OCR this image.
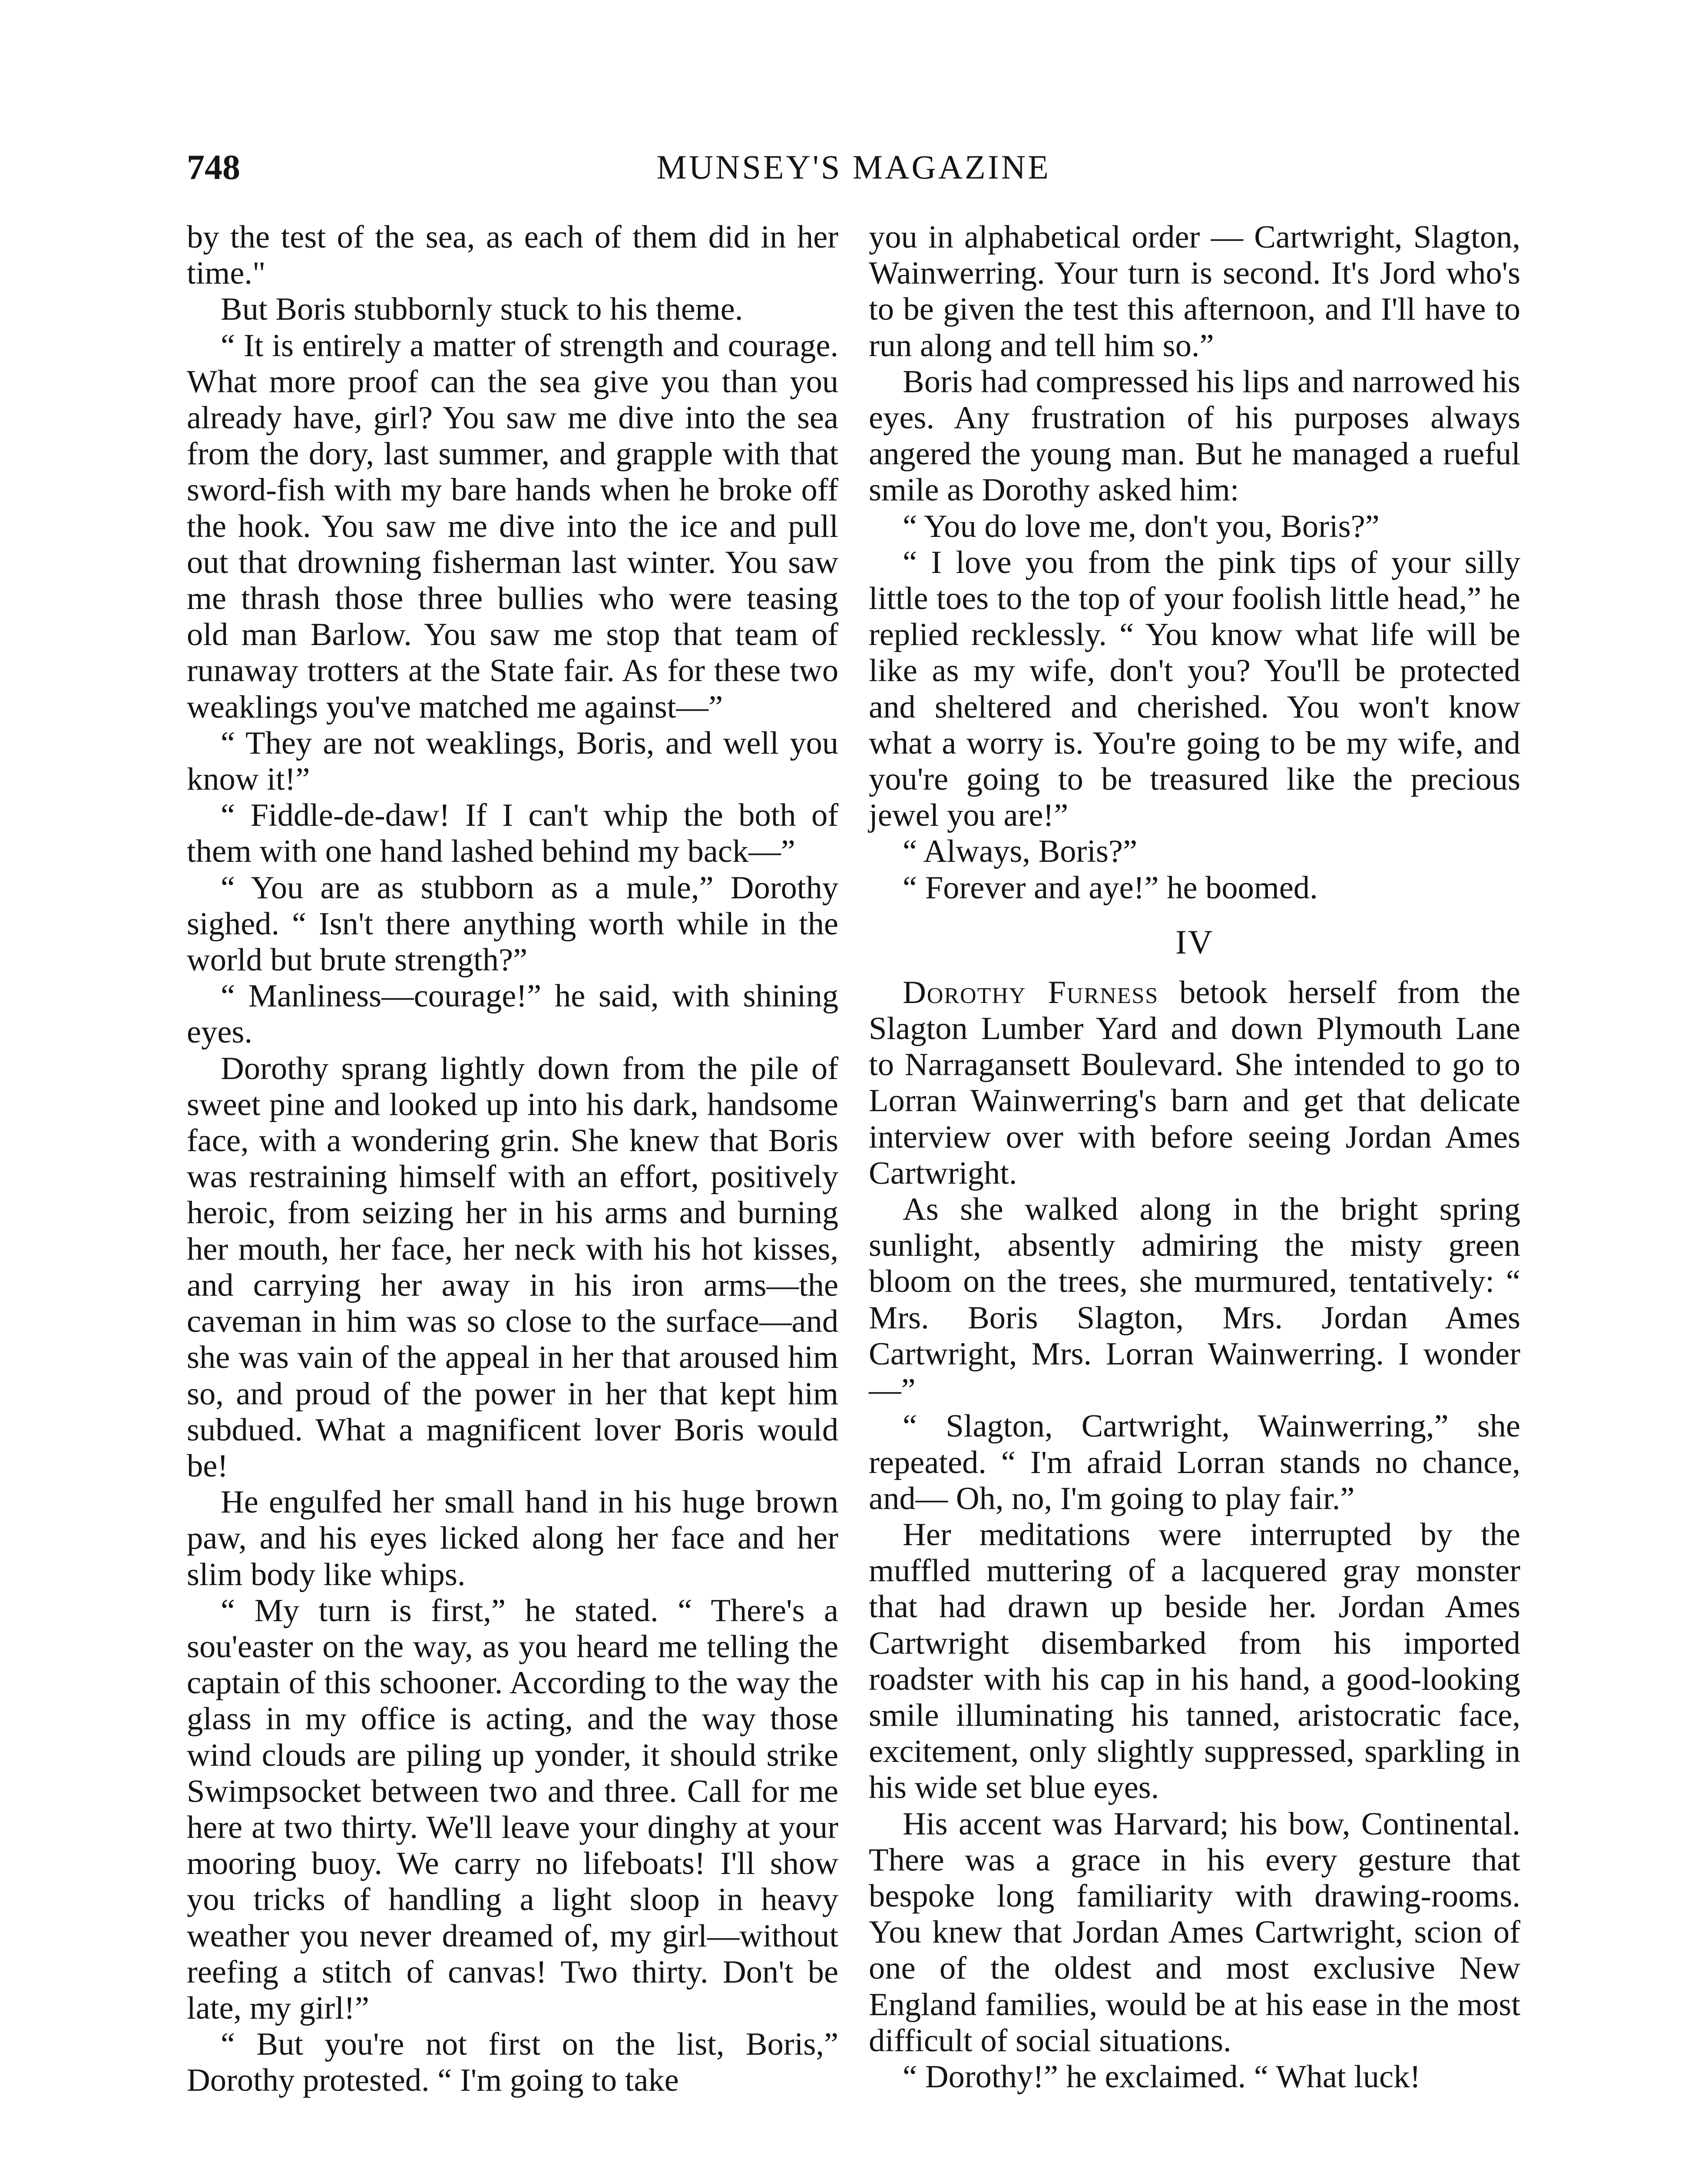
748	MUNSEY'S MAGAZINE

by the test of the sea, as each of them did in her time."

But Boris stubbornly stuck to his theme.

“ It is entirely a matter of strength and courage. What more proof can the sea give you than you already have, girl? You saw me dive into the sea from the dory, last summer, and grapple with that sword-fish with my bare hands when he broke off the hook. You saw me dive into the ice and pull out that drowning fisherman last winter. You saw me thrash those three bullies who were teasing old man Barlow. You saw me stop that team of runaway trotters at the State fair. As for these two weaklings you've matched me against—”

“ They are not weaklings, Boris, and well you know it!”

“ Fiddle-de-daw! If I can't whip the both of them with one hand lashed behind my back—”

“ You are as stubborn as a mule,” Dorothy sighed. “ Isn't there anything worth while in the world but brute strength?”

“ Manliness—courage!” he said, with shining eyes.

Dorothy sprang lightly down from the pile of sweet pine and looked up into his dark, handsome face, with a wondering grin. She knew that Boris was restraining himself with an effort, positively heroic, from seizing her in his arms and burning her mouth, her face, her neck with his hot kisses, and carrying her away in his iron arms—the caveman in him was so close to the surface—and she was vain of the appeal in her that aroused him so, and proud of the power in her that kept him subdued. What a magnificent lover Boris would be!

He engulfed her small hand in his huge brown paw, and his eyes licked along her face and her slim body like whips.

“ My turn is first,” he stated. “ There's a sou'easter on the way, as you heard me telling the captain of this schooner. According to the way the glass in my office is acting, and the way those wind clouds are piling up yonder, it should strike Swimpsocket between two and three. Call for me here at two thirty. We'll leave your dinghy at your mooring buoy. We carry no lifeboats! I'll show you tricks of handling a light sloop in heavy weather you never dreamed of, my girl—without reefing a stitch of canvas! Two thirty. Don't be late, my girl!”

“ But you're not first on the list, Boris,” Dorothy protested. “ I'm going to take

you in alphabetical order — Cartwright, Slagton, Wainwerring. Your turn is second. It's Jord who's to be given the test this afternoon, and I'll have to run along and tell him so.”

Boris had compressed his lips and narrowed his eyes. Any frustration of his purposes always angered the young man. But he managed a rueful smile as Dorothy asked him:

“ You do love me, don't you, Boris?”

“ I love you from the pink tips of your silly little toes to the top of your foolish little head,” he replied recklessly. “ You know what life will be like as my wife, don't you? You'll be protected and sheltered and cherished. You won't know what a worry is. You're going to be my wife, and you're going to be treasured like the precious jewel you are!”

“ Always, Boris?”

“ Forever and aye!” he boomed.

IV

Dorothy Furness betook herself from the Slagton Lumber Yard and down Plymouth Lane to Narragansett Boulevard. She intended to go to Lorran Wainwerring's barn and get that delicate interview over with before seeing Jordan Ames Cartwright.

As she walked along in the bright spring sunlight, absently admiring the misty green bloom on the trees, she murmured, tentatively: “ Mrs. Boris Slagton, Mrs. Jordan Ames Cartwright, Mrs. Lorran Wainwerring. I wonder—”

“ Slagton, Cartwright, Wainwerring,” she repeated. “ I'm afraid Lorran stands no chance, and— Oh, no, I'm going to play fair.”

Her meditations were interrupted by the muffled muttering of a lacquered gray monster that had drawn up beside her. Jordan Ames Cartwright disembarked from his imported roadster with his cap in his hand, a good-looking smile illuminating his tanned, aristocratic face, excitement, only slightly suppressed, sparkling in his wide set blue eyes.

His accent was Harvard; his bow, Continental. There was a grace in his every gesture that bespoke long familiarity with drawing-rooms. You knew that Jordan Ames Cartwright, scion of one of the oldest and most exclusive New England families, would be at his ease in the most difficult of social situations.

“ Dorothy!” he exclaimed. “ What luck!
